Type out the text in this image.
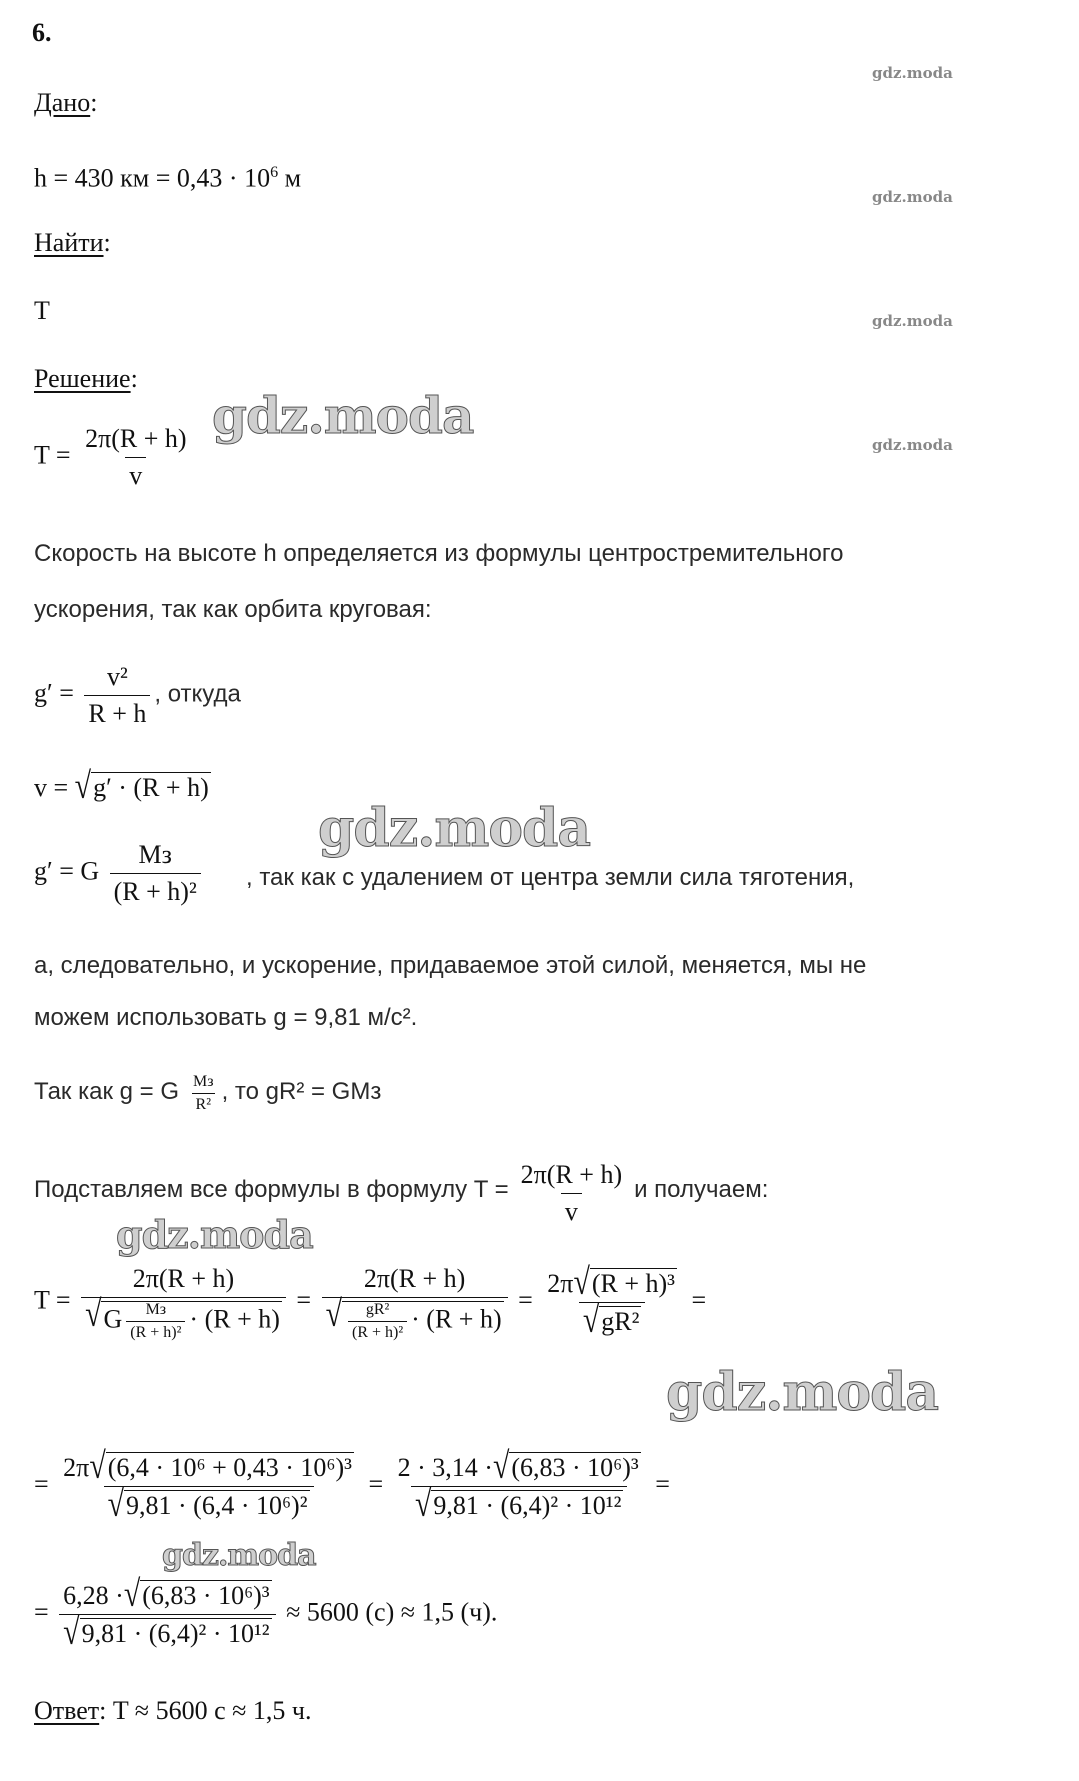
gdz.moda
gdz.moda
gdz.moda
gdz.moda
6.
Дано:
h = 430 км = $0,43 \cdot 10^6$ м
Найти:
T
Решение:
$T = \frac{2\pi(R + h)}{v}$
gdz.moda
Скорость на высоте h определяется из формулы центростремительного
ускорения, так как орбита круговая:
$g' = \frac{\text{v²}}{R + h}$ , откуда
v = √ g′ · (R + h)
gdz.moda
g′ = G $\frac{Mз}{\text{(R + h)²}}$ , так как с удалением от центра земли сила тяготения,
а, следовательно, и ускорение, придаваемое этой силой, меняется, мы не
можем использовать g = 9,81 м/с².
Так как g = G $\frac{Mз}{\text{R²}}$ , то gR² = GMз
Подставляем все формулы в формулу $T = \frac{2\pi(R + h)}{v}$ и получаем:
gdz.moda
$T = \frac{2\pi(R + h)}{√ G \frac{Mз}{\text{(R + h)²}} \cdot (R + h)} = \frac{2\pi(R + h)}{√ \frac{\text{gR²}}{\text{(R + h)²}} \cdot (R + h)} = \frac{\text{2π √ (R + h)³}}{\text{√ gR²}}$ =
gdz.moda
= $\frac{\text{2π √ (6,4 · 10⁶ + 0,43 · 10⁶)³}}{\text{√ 9,81 · (6,4 · 10⁶)²}} = \frac{\text{2 · 3,14 · √ (6,83 · 10⁶)³}}{\text{√ 9,81 · (6,4)² · 10¹²}}$ =
gdz.moda
= $\frac{\text{6,28 · √ (6,83 · 10⁶)³}}{\text{√ 9,81 · (6,4)² · 10¹²}} \approx 5600$ (c) ≈ 1,5 (ч).
Ответ: T ≈ 5600 c ≈ 1,5 ч.
